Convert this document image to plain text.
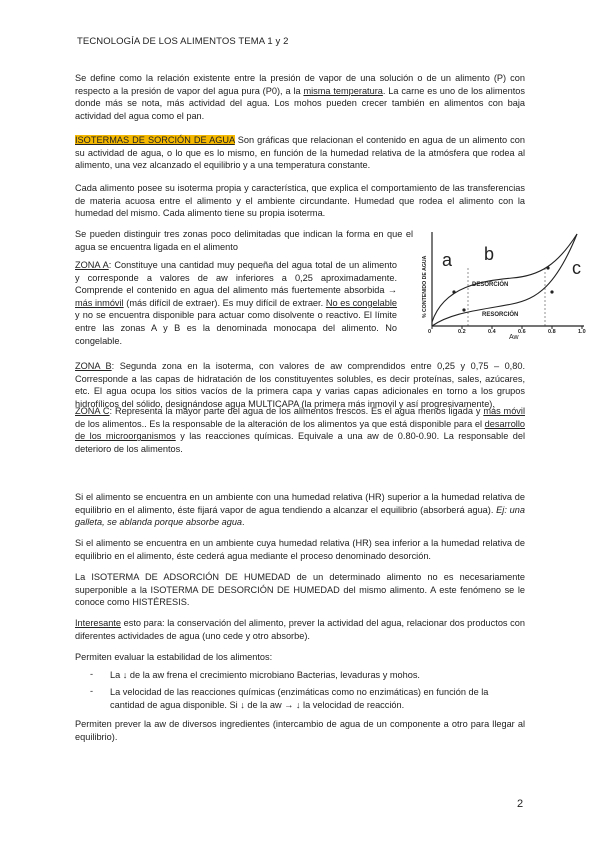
TECNOLOGÍA DE LOS ALIMENTOS TEMA 1 y 2
Se define como la relación existente entre la presión de vapor de una solución o de un alimento (P) con respecto a la presión de vapor del agua pura (P0), a la misma temperatura. La carne es uno de los alimentos donde más se nota, más actividad del agua. Los mohos pueden crecer también en alimentos con baja actividad del agua como el pan.
ISOTERMAS DE SORCIÓN DE AGUA Son gráficas que relacionan el contenido en agua de un alimento con su actividad de agua, o lo que es lo mismo, en función de la humedad relativa de la atmósfera que rodea al alimento, una vez alcanzado el equilibrio y a una temperatura constante.
Cada alimento posee su isoterma propia y característica, que explica el comportamiento de las transferencias de materia acuosa entre el alimento y el ambiente circundante. Humedad que rodea el alimento con la humedad del mismo. Cada alimento tiene su propia isoterma.
Se pueden distinguir tres zonas poco delimitadas que indican la forma en que el agua se encuentra ligada en el alimento
ZONA A: Constituye una cantidad muy pequeña del agua total de un alimento y corresponde a valores de aw inferiores a 0,25 aproximadamente. Comprende el contenido en agua del alimento más fuertemente absorbida → más inmóvil (más difícil de extraer). Es muy difícil de extraer. No es congelable y no se encuentra disponible para actuar como disolvente o reactivo. El límite entre las zonas A y B es la denominada monocapa del alimento. No congelable.
% CONTENIDO DE AGUA
0	0.2	0.4	0.6	0.8	1.0
Aw
DESORCIÓN
RESORCIÓN
a b
c
ZONA B: Segunda zona en la isoterma, con valores de aw comprendidos entre 0,25 y 0,75 – 0,80. Corresponde a las capas de hidratación de los constituyentes solubles, es decir proteínas, sales, azúcares, etc. El agua ocupa los sitios vacíos de la primera capa y varias capas adicionales en torno a los grupos hidrofílicos del sólido, designándose agua MULTICAPA (la primera más inmovil y así progresivamente).
ZONA C: Representa la mayor parte del agua de los alimentos frescos. Es el agua menos ligada y más móvil de los alimentos.. Es la responsable de la alteración de los alimentos ya que está disponible para el desarrollo de los microorganismos y las reacciones químicas. Equivale a una aw de 0.80-0.90. La responsable del deterioro de los alimentos.
Si el alimento se encuentra en un ambiente con una humedad relativa (HR) superior a la humedad relativa de equilibrio en el alimento, éste fijará vapor de agua tendiendo a alcanzar el equilibrio (absorberá agua). Ej: una galleta, se ablanda porque absorbe agua.
Si el alimento se encuentra en un ambiente cuya humedad relativa (HR) sea inferior a la humedad relativa de equilibrio en el alimento, éste cederá agua mediante el proceso denominado desorción.
La ISOTERMA DE ADSORCIÓN DE HUMEDAD de un determinado alimento no es necesariamente superponible a la ISOTERMA DE DESORCIÓN DE HUMEDAD del mismo alimento. A este fenómeno se le conoce como HISTÉRESIS.
Interesante esto para: la conservación del alimento, prever la actividad del agua, relacionar dos productos con diferentes actividades de agua (uno cede y otro absorbe).
Permiten evaluar la estabilidad de los alimentos:
- La ↓ de la aw frena el crecimiento microbiano Bacterias, levaduras y mohos.
- La velocidad de las reacciones químicas (enzimáticas como no enzimáticas) en función de la cantidad de agua disponible. Si ↓ de la aw → ↓ la velocidad de reacción.
Permiten prever la aw de diversos ingredientes (intercambio de agua de un componente a otro para llegar al equilibrio).
2
